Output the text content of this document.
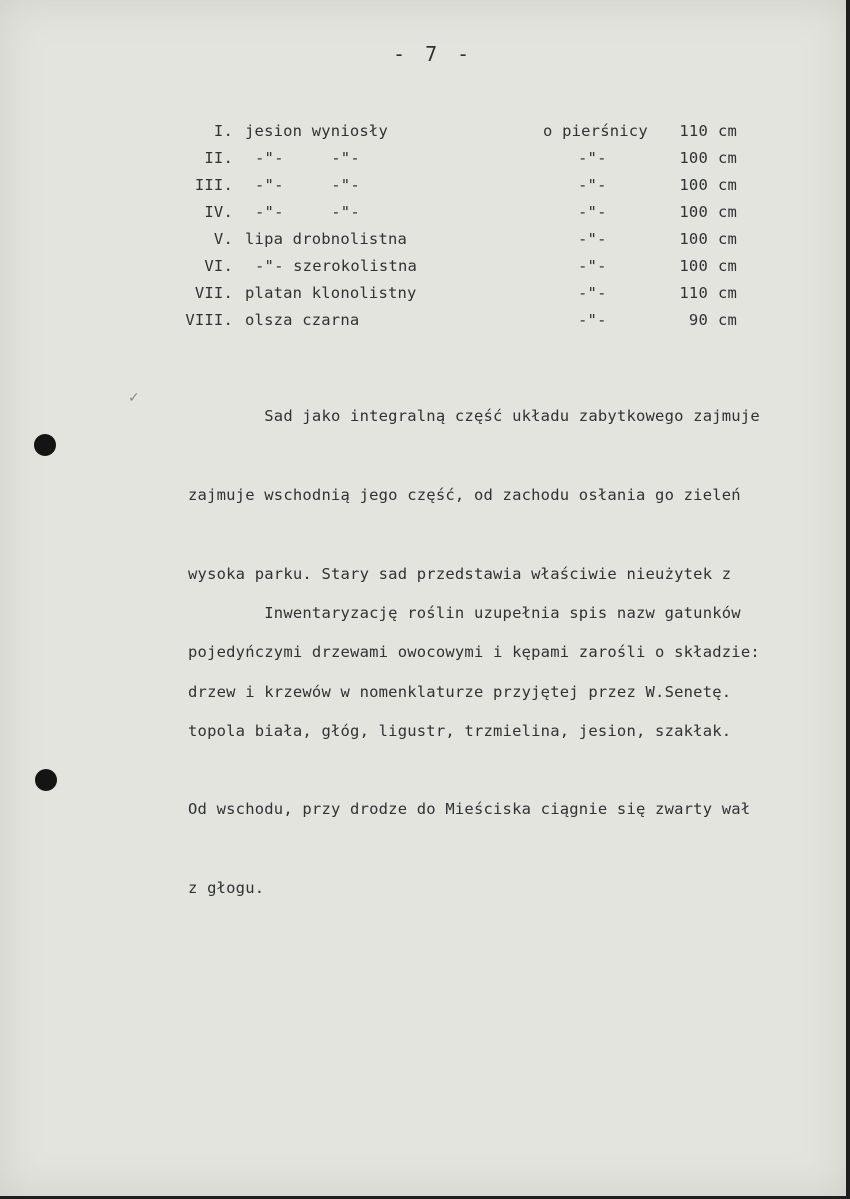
- 7 -
I. jesion wyniosły	o pierśnicy	110 cm
II. -"-     -"-	-"-	100 cm
III. -"-     -"-	-"-	100 cm
IV. -"-     -"-	-"-	100 cm
V. lipa drobnolistna	-"-	100 cm
VI. -"- szerokolistna	-"-	100 cm
VII. platan klonolistny	-"-	110 cm
VIII. olsza czarna	-"-	90 cm

Sad jako integralną część układu zabytkowego zajmuje

zajmuje wschodnią jego część, od zachodu osłania go zieleń

wysoka parku. Stary sad przedstawia właściwie nieużytek z

pojedyńczymi drzewami owocowymi i kępami zarośli o składzie:

topola biała, głóg, ligustr, trzmielina, jesion, szakłak.

Od wschodu, przy drodze do Mieściska ciągnie się zwarty wał

z głogu.

Inwentaryzację roślin uzupełnia spis nazw gatunków

drzew i krzewów w nomenklaturze przyjętej przez W.Senetę.

✓
